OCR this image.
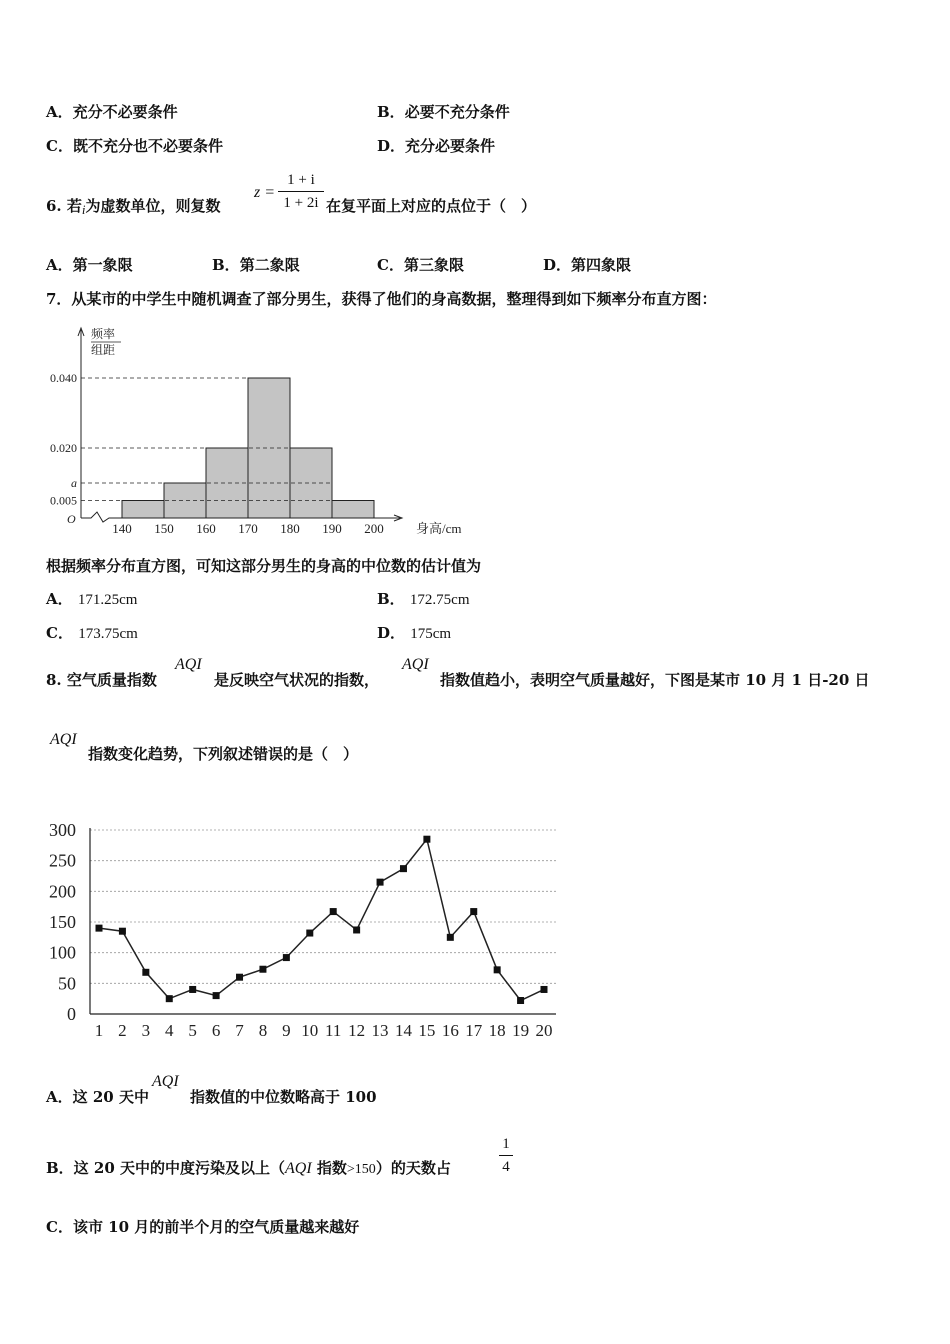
A．充分不必要条件	B．必要不充分条件
C．既不充分也不必要条件	D．充分必要条件
6. 若i为虚数单位，则复数
z =
1 + i
1 + 2i 在复平面上对应的点位于（　）
A．第一象限	B．第二象限	C．第三象限	D．第四象限
7．从某市的中学生中随机调查了部分男生，获得了他们的身高数据，整理得到如下频率分布直方图：
频率
组距
O
0.005
a
0.020
0.040
140 150 160 170 180 190 200 身高/cm
根据频率分布直方图，可知这部分男生的身高的中位数的估计值为
A． 171.25cm	B． 172.75cm
C． 173.75cm	D． 175cm
8. 空气质量指数
AQI
是反映空气状况的指数，
AQI
指数值趋小，表明空气质量越好，下图是某市 10 月 1 日-20 日
AQI
指数变化趋势，下列叙述错误的是（　）
0
50
100
150
200
250
300
1 2 3 4 5 6 7 8 9 10 11 12 13 14 15 16 17 18 19 20
A．这 20 天中
AQI
指数值的中位数略高于 100
B．这 20 天中的中度污染及以上（AQI 指数>150）的天数占
1
4
C．该市 10 月的前半个月的空气质量越来越好
